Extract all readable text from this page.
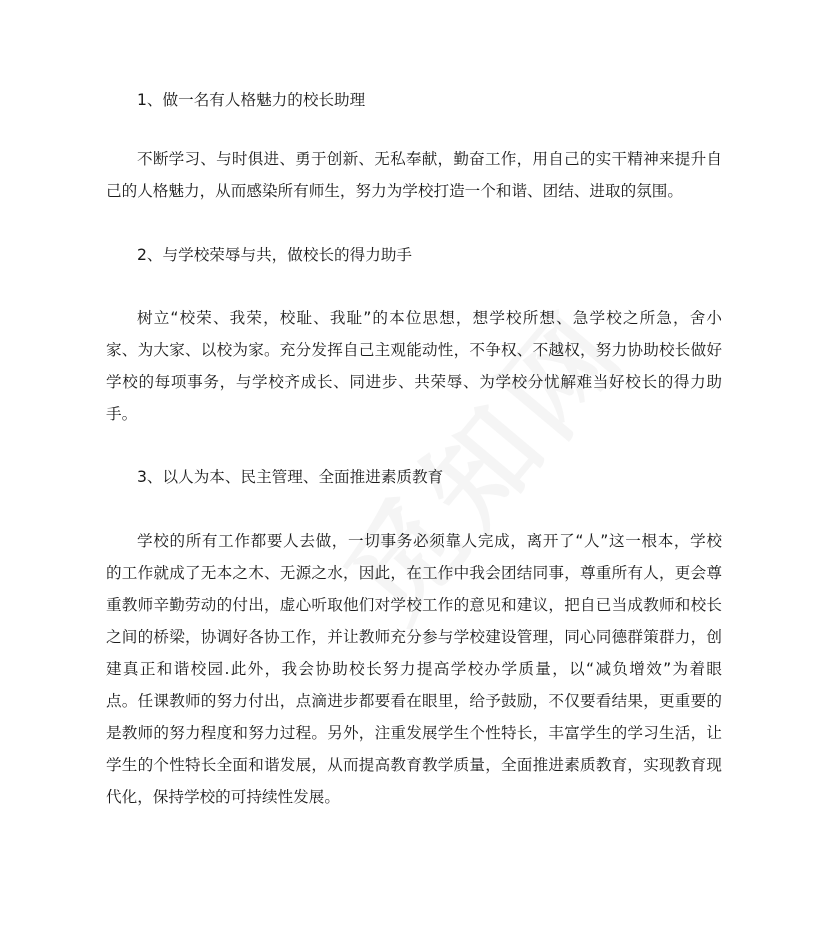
1、做一名有人格魅力的校长助理
不断学习、与时俱进、勇于创新、无私奉献，勤奋工作，用自己的实干精神来提升自
己的人格魅力，从而感染所有师生，努力为学校打造一个和谐、团结、进取的氛围。
2、与学校荣辱与共，做校长的得力助手
树立“校荣、我荣，校耻、我耻”的本位思想，想学校所想、急学校之所急，舍小
家、为大家、以校为家。充分发挥自己主观能动性，不争权、不越权，努力协助校长做好
学校的每项事务，与学校齐成长、同进步、共荣辱、为学校分忧解难当好校长的得力助
手。
3、以人为本、民主管理、全面推进素质教育
学校的所有工作都要人去做，一切事务必须靠人完成，离开了“人”这一根本，学校
的工作就成了无本之木、无源之水，因此，在工作中我会团结同事，尊重所有人，更会尊
重教师辛勤劳动的付出，虚心听取他们对学校工作的意见和建议，把自已当成教师和校长
之间的桥梁，协调好各协工作，并让教师充分参与学校建设管理，同心同德群策群力，创
建真正和谐校园.此外，我会协助校长努力提高学校办学质量，以“减负增效”为着眼
点。任课教师的努力付出，点滴进步都要看在眼里，给予鼓励，不仅要看结果，更重要的
是教师的努力程度和努力过程。另外，注重发展学生个性特长，丰富学生的学习生活，让
学生的个性特长全面和谐发展，从而提高教育教学质量，全面推进素质教育，实现教育现
代化，保持学校的可持续性发展。
